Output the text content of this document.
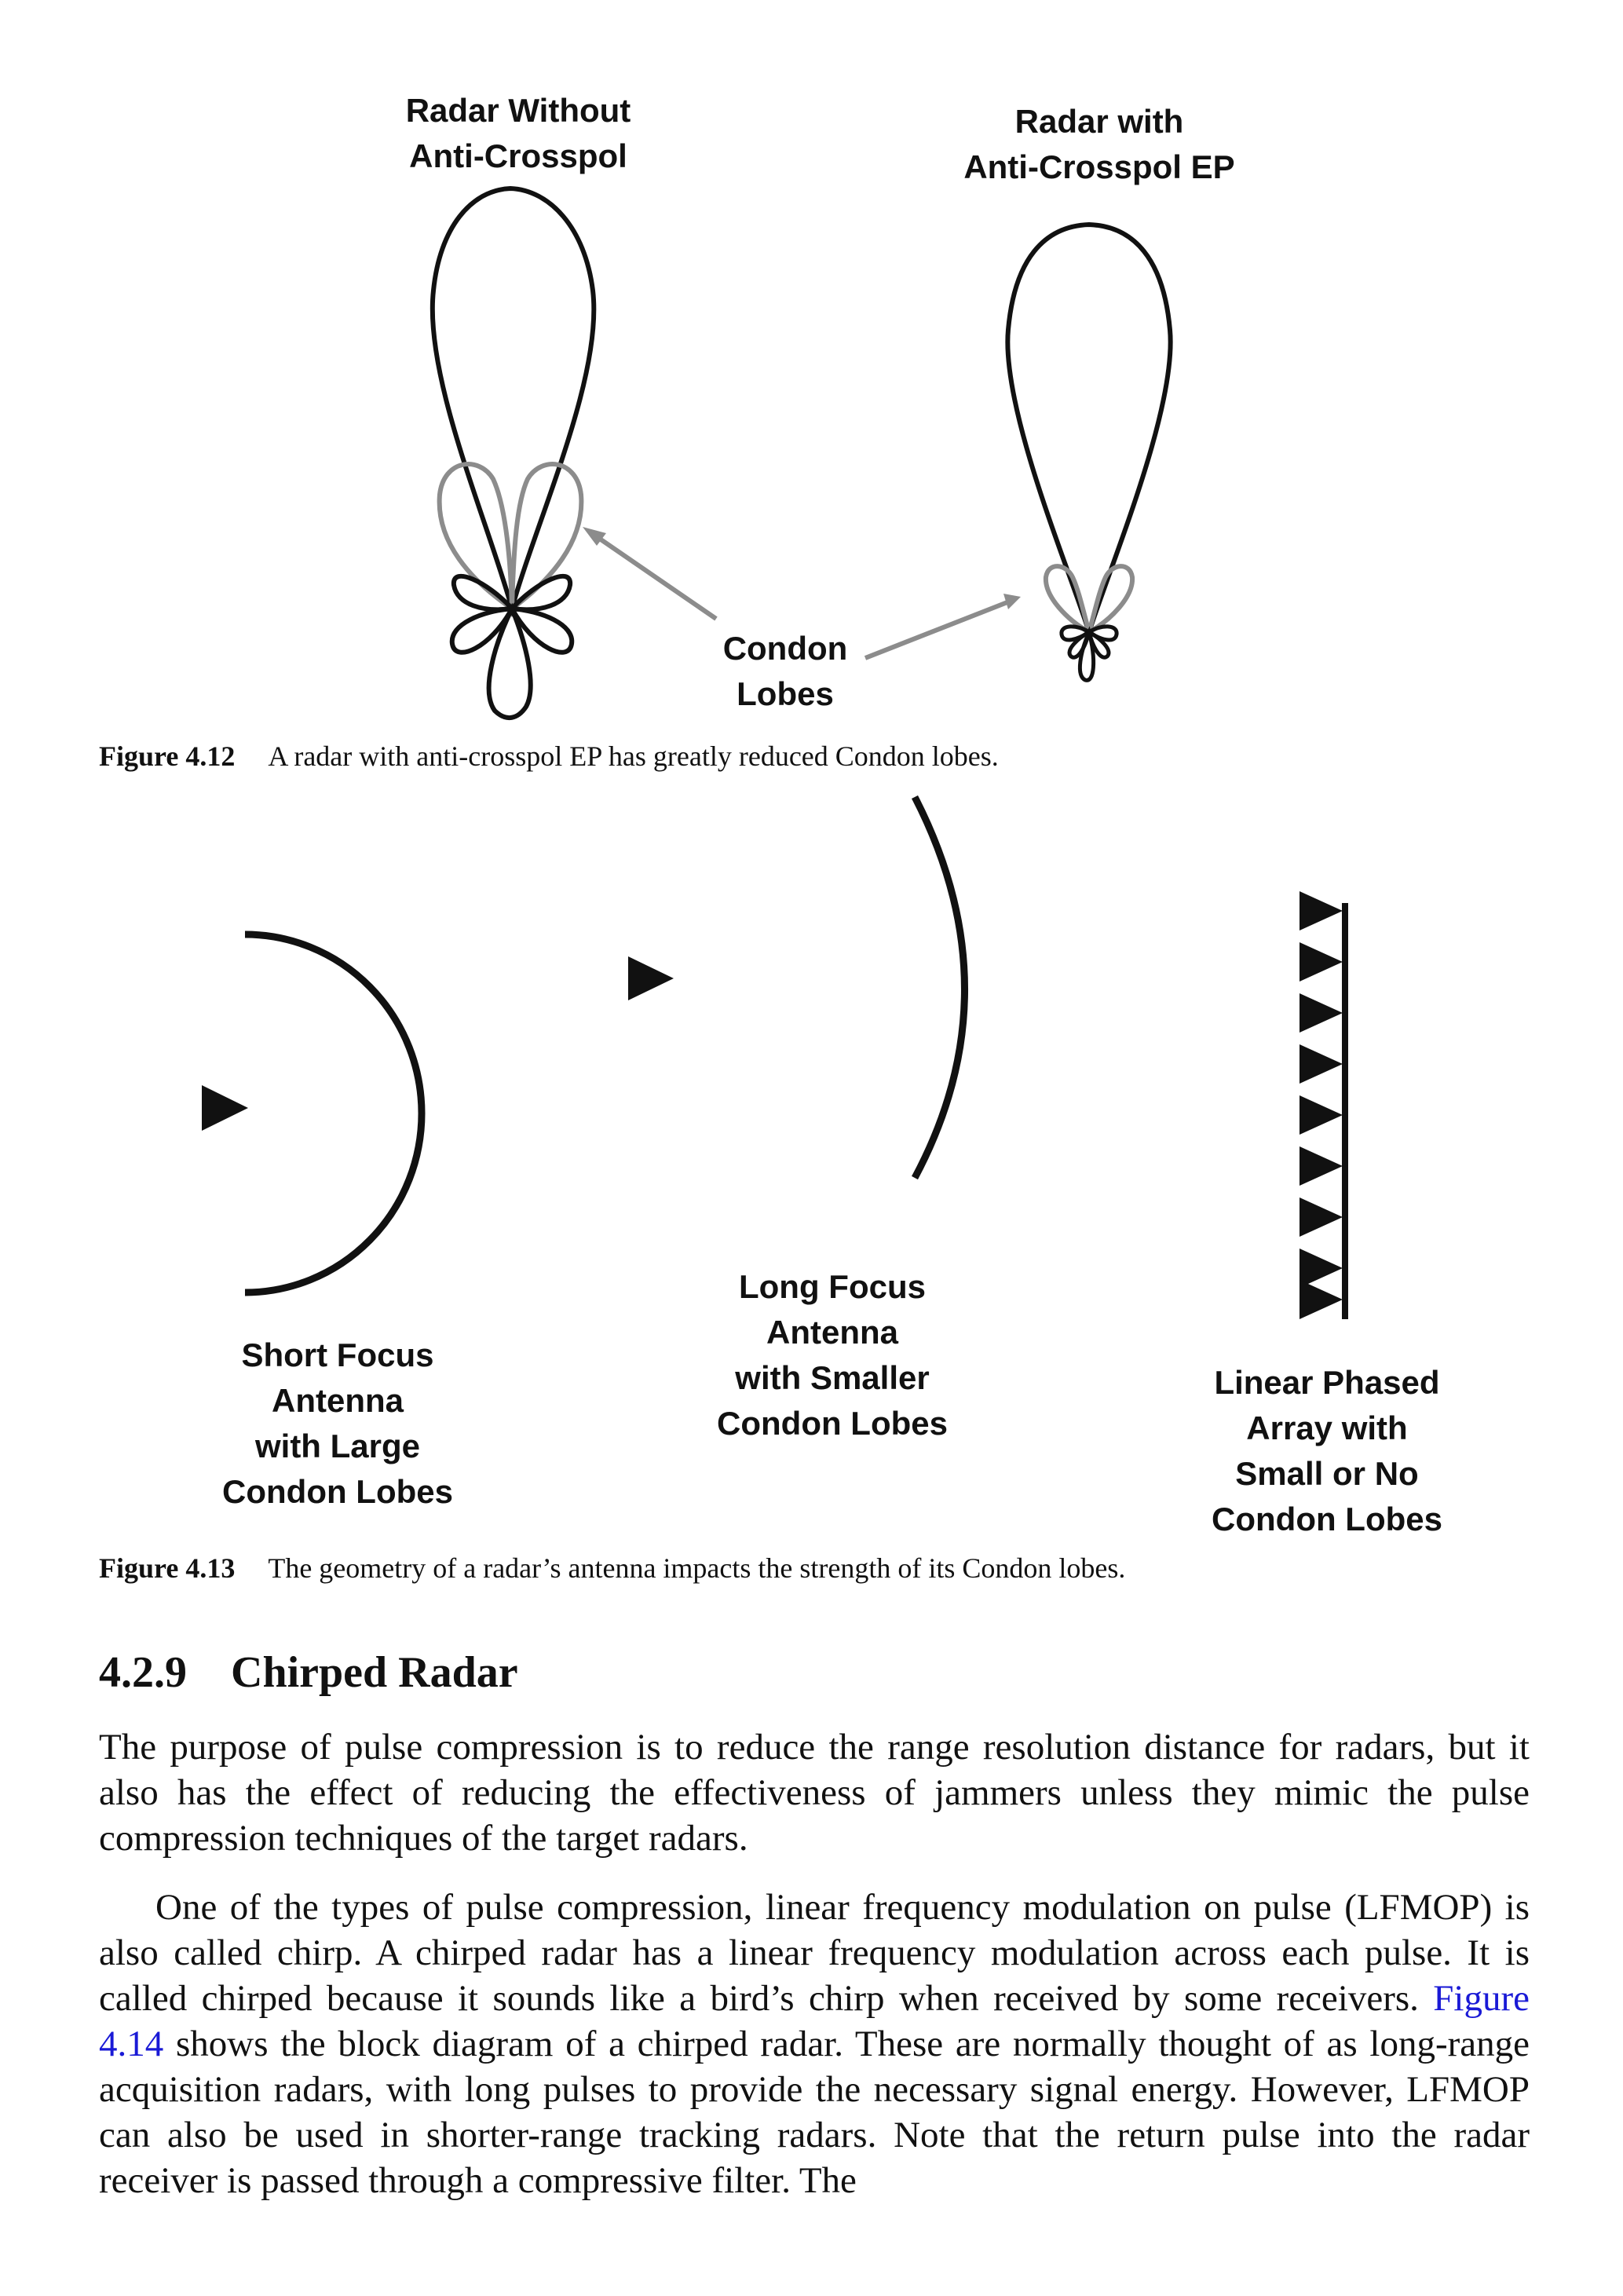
Radar Without
Anti-Crosspol
Radar with
Anti-Crosspol EP
Condon
Lobes
Figure 4.12 A radar with anti-crosspol EP has greatly reduced Condon lobes.
Short Focus
Antenna
with Large
Condon Lobes
Long Focus
Antenna
with Smaller
Condon Lobes
Linear Phased
Array with
Small or No
Condon Lobes
Figure 4.13 The geometry of a radar’s antenna impacts the strength of its Condon lobes.
4.2.9 Chirped Radar
The purpose of pulse compression is to reduce the range resolution distance for radars, but it also has the effect of reducing the effectiveness of jammers unless they mimic the pulse compression techniques of the target radars.
One of the types of pulse compression, linear frequency modulation on pulse (LFMOP) is also called chirp. A chirped radar has a linear frequency modulation across each pulse. It is called chirped because it sounds like a bird’s chirp when received by some receivers. Figure 4.14 shows the block diagram of a chirped radar. These are normally thought of as long-range acquisition radars, with long pulses to provide the necessary signal energy. However, LFMOP can also be used in shorter-range tracking radars. Note that the return pulse into the radar receiver is passed through a compressive filter. The
